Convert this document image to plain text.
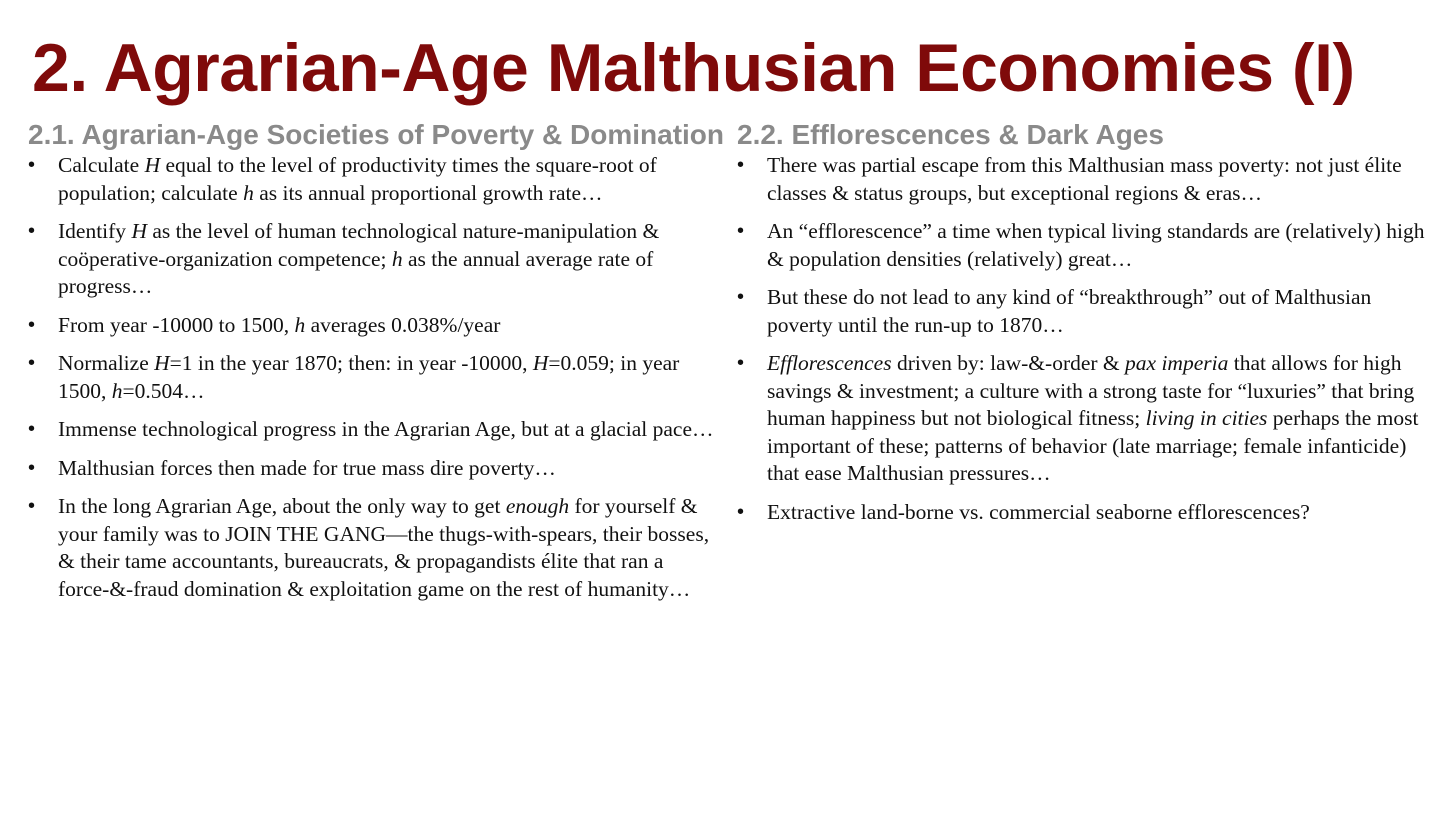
2. Agrarian-Age Malthusian Economies (I)
2.1. Agrarian-Age Societies of Poverty & Domination
• Calculate H equal to the level of productivity times the square-root of population; calculate h as its annual proportional growth rate…
• Identify H as the level of human technological nature-manipulation & coöperative-organization competence; h as the annual average rate of progress…
• From year -10000 to 1500, h averages 0.038%/year
• Normalize H=1 in the year 1870; then: in year -10000, H=0.059; in year 1500, h=0.504…
• Immense technological progress in the Agrarian Age, but at a glacial pace…
• Malthusian forces then made for true mass dire poverty…
• In the long Agrarian Age, about the only way to get enough for yourself & your family was to JOIN THE GANG—the thugs-with-spears, their bosses, & their tame accountants, bureaucrats, & propagandists élite that ran a force-&-fraud domination & exploitation game on the rest of humanity…
2.2. Efflorescences & Dark Ages
• There was partial escape from this Malthusian mass poverty: not just élite classes & status groups, but exceptional regions & eras…
• An “efflorescence” a time when typical living standards are (relatively) high & population densities (relatively) great…
• But these do not lead to any kind of “breakthrough” out of Malthusian poverty until the run-up to 1870…
• Efflorescences driven by: law-&-order & pax imperia that allows for high savings & investment; a culture with a strong taste for “luxuries” that bring human happiness but not biological fitness; living in cities perhaps the most important of these; patterns of behavior (late marriage; female infanticide) that ease Malthusian pressures…
• Extractive land-borne vs. commercial seaborne efflorescences?
